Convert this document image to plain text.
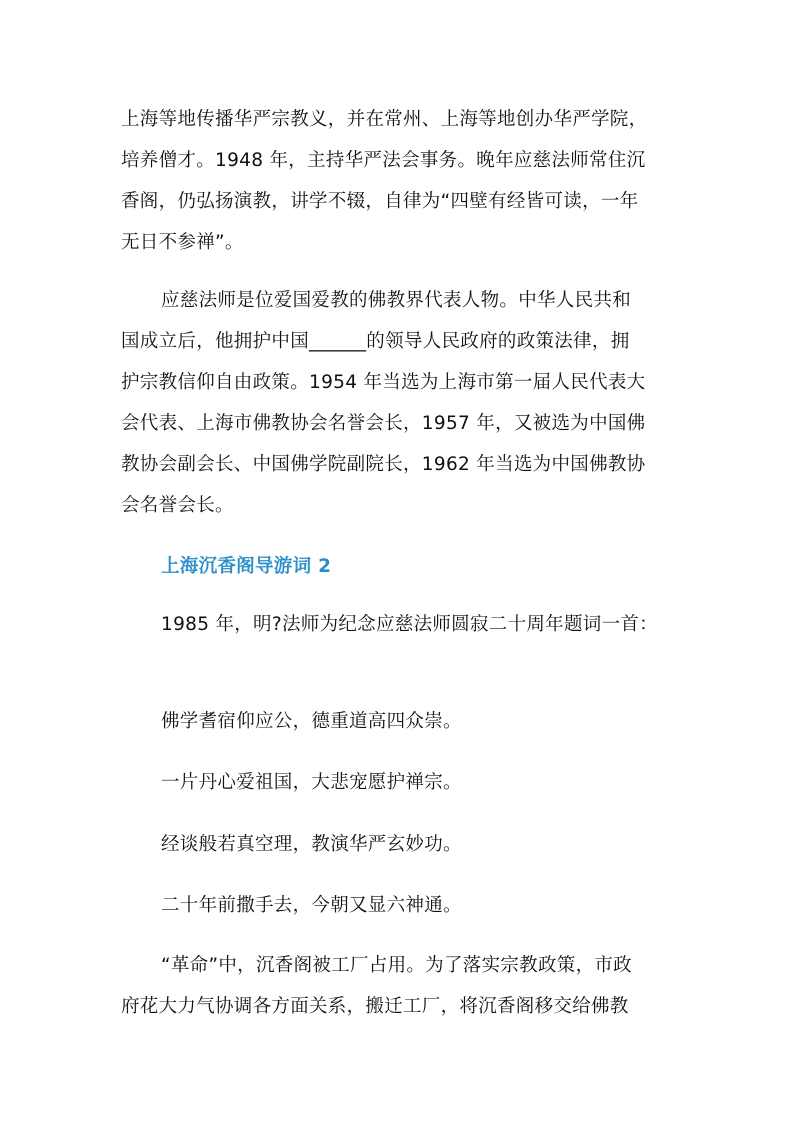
上海等地传播华严宗教义，并在常州、上海等地创办华严学院，
培养僧才。1948 年，主持华严法会事务。晚年应慈法师常住沉
香阁，仍弘扬演教，讲学不辍，自律为“四壁有经皆可读，一年
无日不参禅”。
应慈法师是位爱国爱教的佛教界代表人物。中华人民共和
国成立后，他拥护中国______的领导人民政府的政策法律，拥
护宗教信仰自由政策。1954 年当选为上海市第一届人民代表大
会代表、上海市佛教协会名誉会长，1957 年，又被选为中国佛
教协会副会长、中国佛学院副院长，1962 年当选为中国佛教协
会名誉会长。
上海沉香阁导游词 2
1985 年，明?法师为纪念应慈法师圆寂二十周年题词一首：
佛学耆宿仰应公，德重道高四众崇。
一片丹心爱祖国，大悲宠愿护禅宗。
经谈般若真空理，教演华严玄妙功。
二十年前撒手去，今朝又显六神通。
“革命”中，沉香阁被工厂占用。为了落实宗教政策，市政
府花大力气协调各方面关系，搬迁工厂，将沉香阁移交给佛教
